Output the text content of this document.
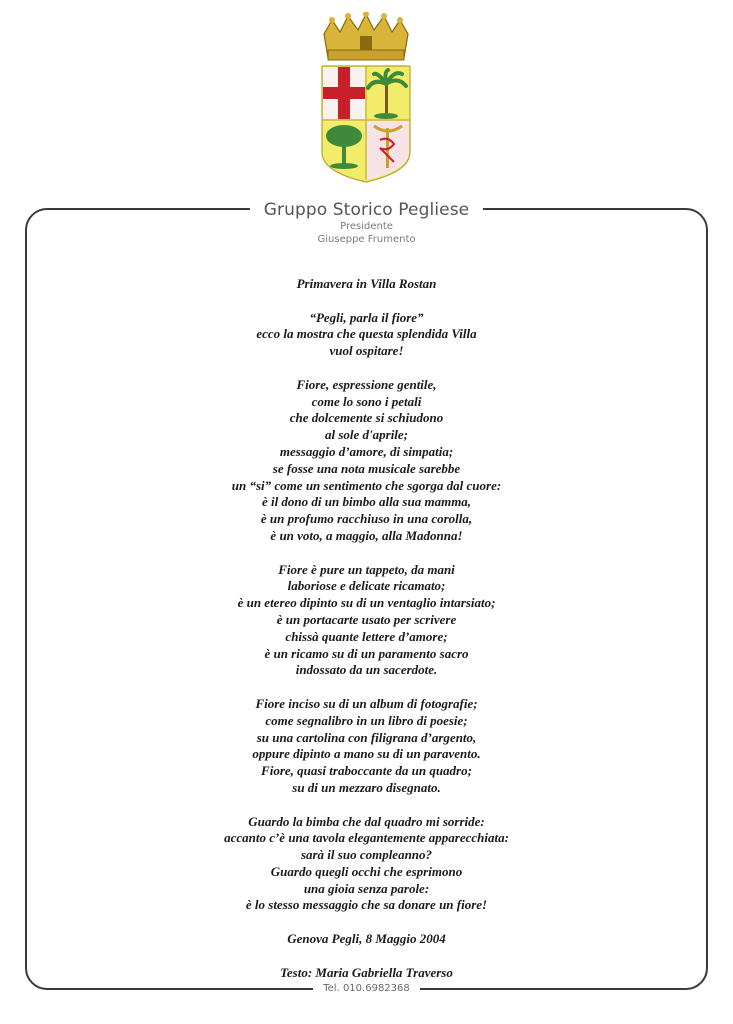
Gruppo Storico Pegliese
Presidente
Giuseppe Frumento
Primavera in Villa Rostan
“Pegli, parla il fiore”
ecco la mostra che questa splendida Villa
vuol ospitare!
Fiore, espressione gentile,
come lo sono i petali
che dolcemente si schiudono
al sole d'aprile;
messaggio d’amore, di simpatia;
se fosse una nota musicale sarebbe
un “si” come un sentimento che sgorga dal cuore:
è il dono di un bimbo alla sua mamma,
è un profumo racchiuso in una corolla,
è un voto, a maggio, alla Madonna!
Fiore è pure un tappeto, da mani
laboriose e delicate ricamato;
è un etereo dipinto su di un ventaglio intarsiato;
è un portacarte usato per scrivere
chissà quante lettere d’amore;
è un ricamo su di un paramento sacro
indossato da un sacerdote.
Fiore inciso su di un album di fotografie;
come segnalibro in un libro di poesie;
su una cartolina con filigrana d’argento,
oppure dipinto a mano su di un paravento.
Fiore, quasi traboccante da un quadro;
su di un mezzaro disegnato.
Guardo la bimba che dal quadro mi sorride:
accanto c’è una tavola elegantemente apparecchiata:
sarà il suo compleanno?
Guardo quegli occhi che esprimono
una gioia senza parole:
è lo stesso messaggio che sa donare un fiore!
Genova Pegli, 8 Maggio 2004
Testo: Maria Gabriella Traverso
Tel. 010.6982368
